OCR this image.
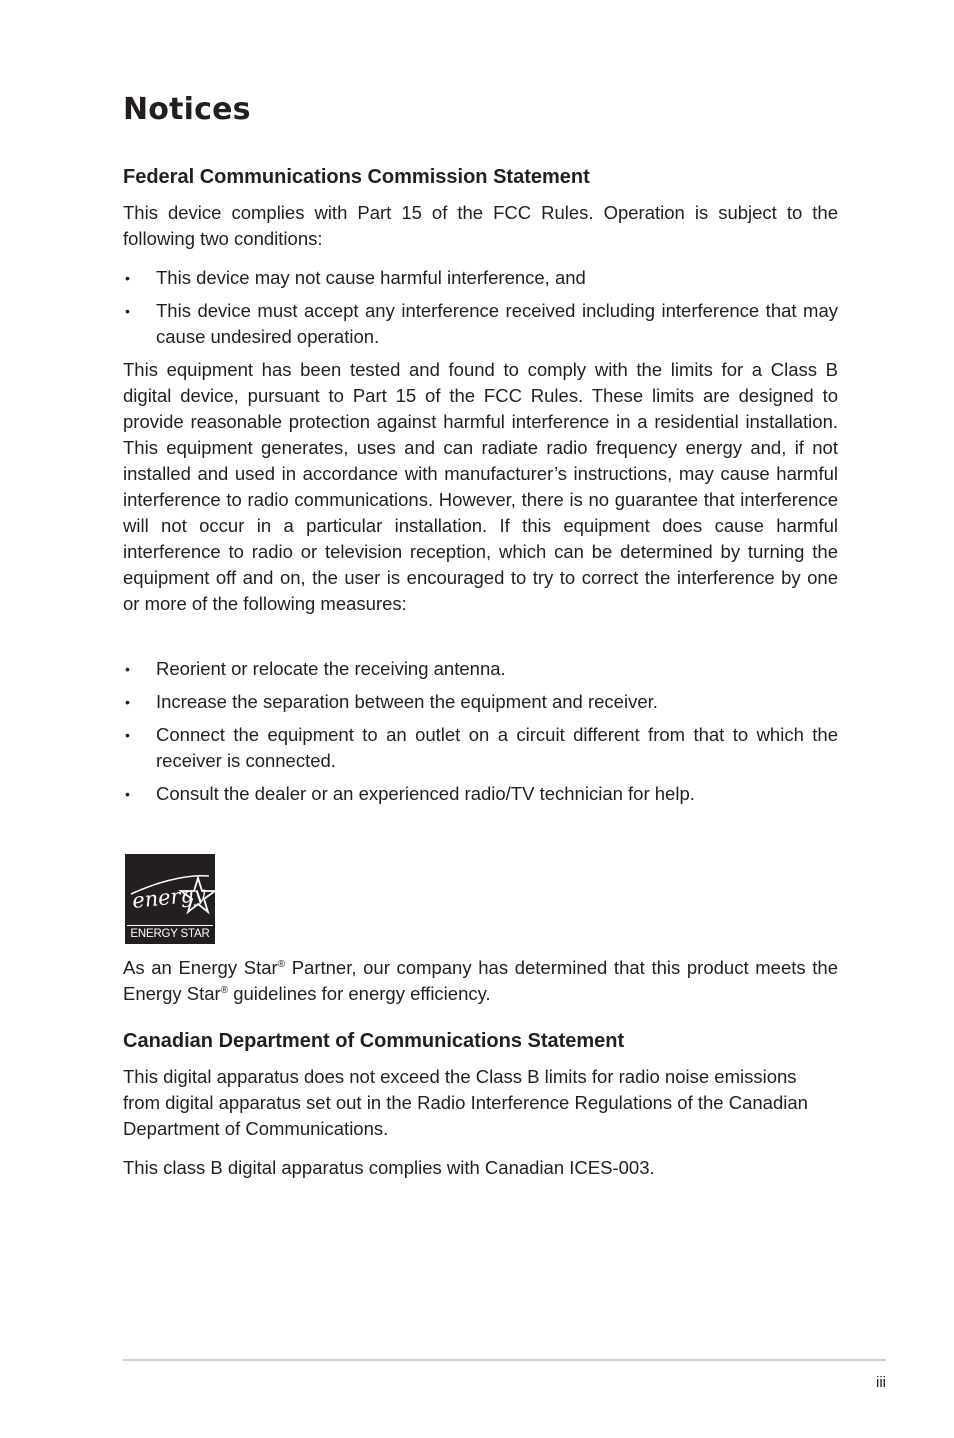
Notices
Federal Communications Commission Statement

This device complies with Part 15 of the FCC Rules. Operation is subject to the following two conditions:

• This device may not cause harmful interference, and
• This device must accept any interference received including interference that may cause undesired operation.

This equipment has been tested and found to comply with the limits for a Class B digital device, pursuant to Part 15 of the FCC Rules. These limits are designed to provide reasonable protection against harmful interference in a residential installation. This equipment generates, uses and can radiate radio frequency energy and, if not installed and used in accordance with manufacturer’s instructions, may cause harmful interference to radio communications. However, there is no guarantee that interference will not occur in a particular installation. If this equipment does cause harmful interference to radio or television reception, which can be determined by turning the equipment off and on, the user is encouraged to try to correct the interference by one or more of the following measures:

• Reorient or relocate the receiving antenna.
• Increase the separation between the equipment and receiver.
• Connect the equipment to an outlet on a circuit different from that to which the receiver is connected.
• Consult the dealer or an experienced radio/TV technician for help.
energy
ENERGY STAR

As an Energy Star® Partner, our company has determined that this product meets the Energy Star® guidelines for energy efficiency.

Canadian Department of Communications Statement

This digital apparatus does not exceed the Class B limits for radio noise emissions from digital apparatus set out in the Radio Interference Regulations of the Canadian Department of Communications.

This class B digital apparatus complies with Canadian ICES-003.

iii
